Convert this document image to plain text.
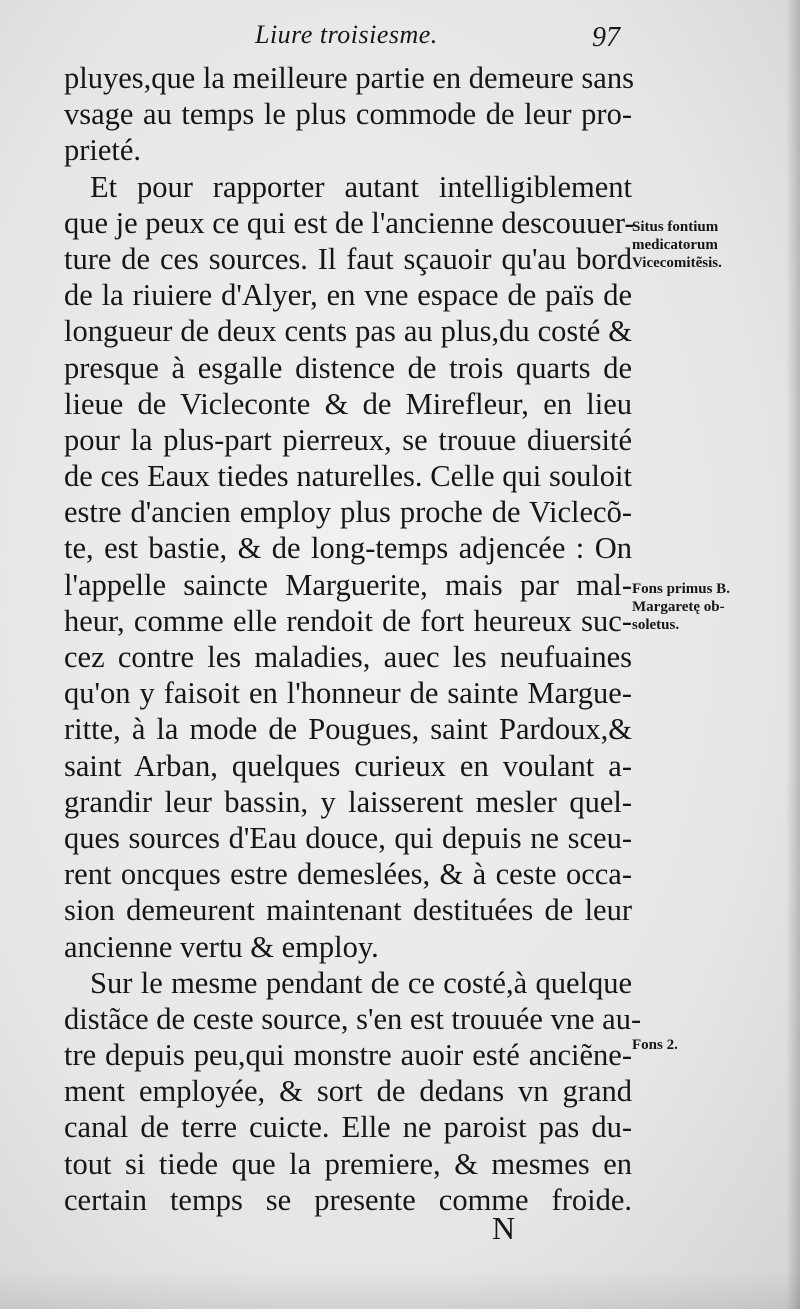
Liure troisiesme.	97
pluyes,que la meilleure partie en demeure sans
vsage au temps le plus commode de leur pro-
prieté.
Et pour rapporter autant intelligiblement
que je peux ce qui est de l'ancienne descouuer-
ture de ces sources. Il faut sçauoir qu'au bord
de la riuiere d'Alyer, en vne espace de païs de
longueur de deux cents pas au plus,du costé &
presque à esgalle distence de trois quarts de
lieue de Vicleconte & de Mirefleur, en lieu
pour la plus-part pierreux, se trouue diuersité
de ces Eaux tiedes naturelles. Celle qui souloit
estre d'ancien employ plus proche de Viclecõ-
te, est bastie, & de long-temps adjencée : On
l'appelle saincte Marguerite, mais par mal-
heur, comme elle rendoit de fort heureux suc-
cez contre les maladies, auec les neufuaines
qu'on y faisoit en l'honneur de sainte Margue-
ritte, à la mode de Pougues, saint Pardoux,&
saint Arban, quelques curieux en voulant a-
grandir leur bassin, y laisserent mesler quel-
ques sources d'Eau douce, qui depuis ne sceu-
rent oncques estre demeslées, & à ceste occa-
sion demeurent maintenant destituées de leur
ancienne vertu & employ.
Sur le mesme pendant de ce costé,à quelque
distãce de ceste source, s'en est trouuée vne au-
tre depuis peu,qui monstre auoir esté anciẽne-
ment employée, & sort de dedans vn grand
canal de terre cuicte. Elle ne paroist pas du-
tout si tiede que la premiere, & mesmes en
certain temps se presente comme froide.
Situs fontium
medicatorum
Vicecomitẽsis.
Fons primus B.
Margaretę ob-
soletus.
Fons 2.
N
